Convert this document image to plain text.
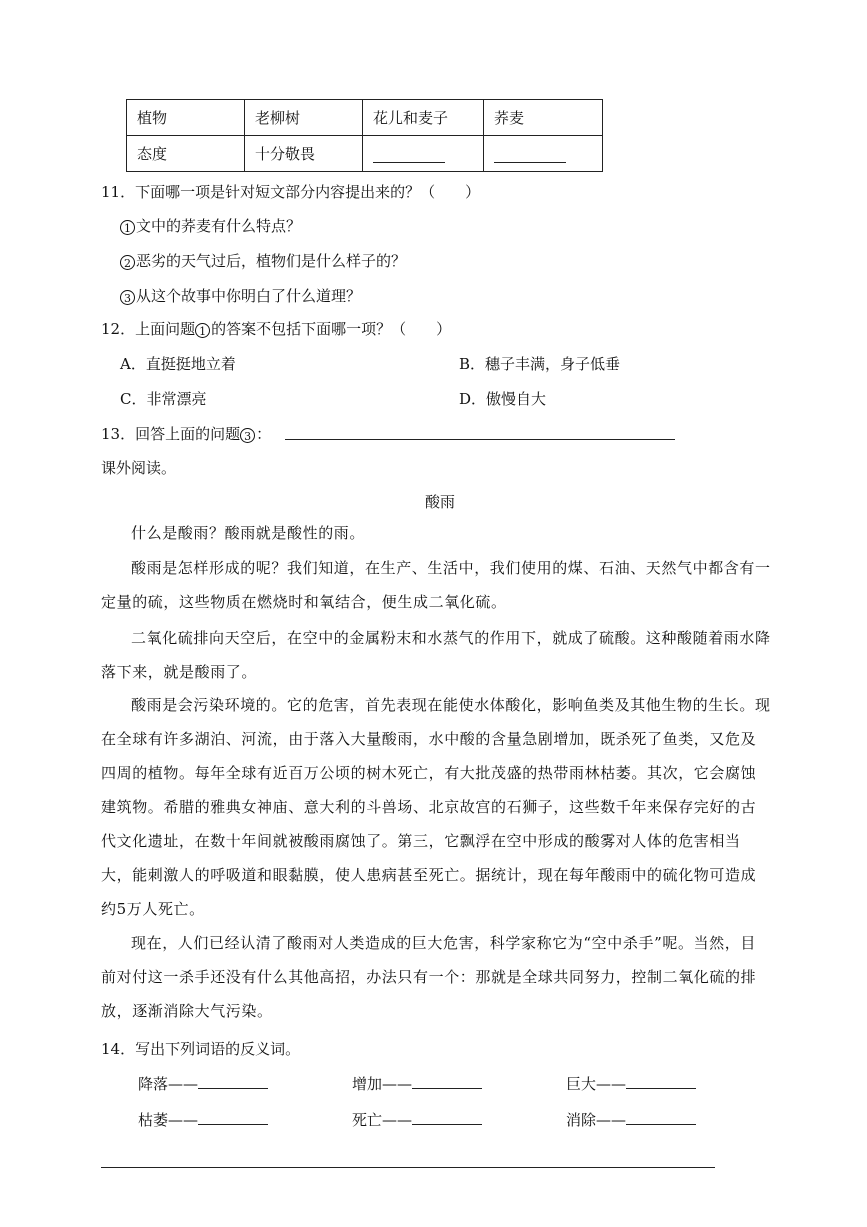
植物	老柳树	花儿和麦子	荞麦
态度	十分敬畏		
11．下面哪一项是针对短文部分内容提出来的？（　　）
1 文中的荞麦有什么特点？
2 恶劣的天气过后，植物们是什么样子的？
3 从这个故事中你明白了什么道理？
12．上面问题 1 的答案不包括下面哪一项？（　　）
A．直挺挺地立着	B．穗子丰满，身子低垂
C．非常漂亮	D．傲慢自大
13．回答上面的问题 3 ：
课外阅读。
酸雨
什么是酸雨？酸雨就是酸性的雨。
酸雨是怎样形成的呢？我们知道，在生产、生活中，我们使用的煤、石油、天然气中都含有一定量的硫，这些物质在燃烧时和氧结合，便生成二氧化硫。
二氧化硫排向天空后，在空中的金属粉末和水蒸气的作用下，就成了硫酸。这种酸随着雨水降落下来，就是酸雨了。
酸雨是会污染环境的。它的危害，首先表现在能使水体酸化，影响鱼类及其他生物的生长。现在全球有许多湖泊、河流，由于落入大量酸雨，水中酸的含量急剧增加，既杀死了鱼类，又危及四周的植物。每年全球有近百万公顷的树木死亡，有大批茂盛的热带雨林枯萎。其次，它会腐蚀建筑物。希腊的雅典女神庙、意大利的斗兽场、北京故宫的石狮子，这些数千年来保存完好的古代文化遗址，在数十年间就被酸雨腐蚀了。第三，它飘浮在空中形成的酸雾对人体的危害相当大，能刺激人的呼吸道和眼黏膜，使人患病甚至死亡。据统计，现在每年酸雨中的硫化物可造成约5万人死亡。
现在，人们已经认清了酸雨对人类造成的巨大危害，科学家称它为“空中杀手”呢。当然，目前对付这一杀手还没有什么其他高招，办法只有一个：那就是全球共同努力，控制二氧化硫的排放，逐渐消除大气污染。
14．写出下列词语的反义词。
降落——	增加——	巨大——
枯萎——	死亡——	消除——
